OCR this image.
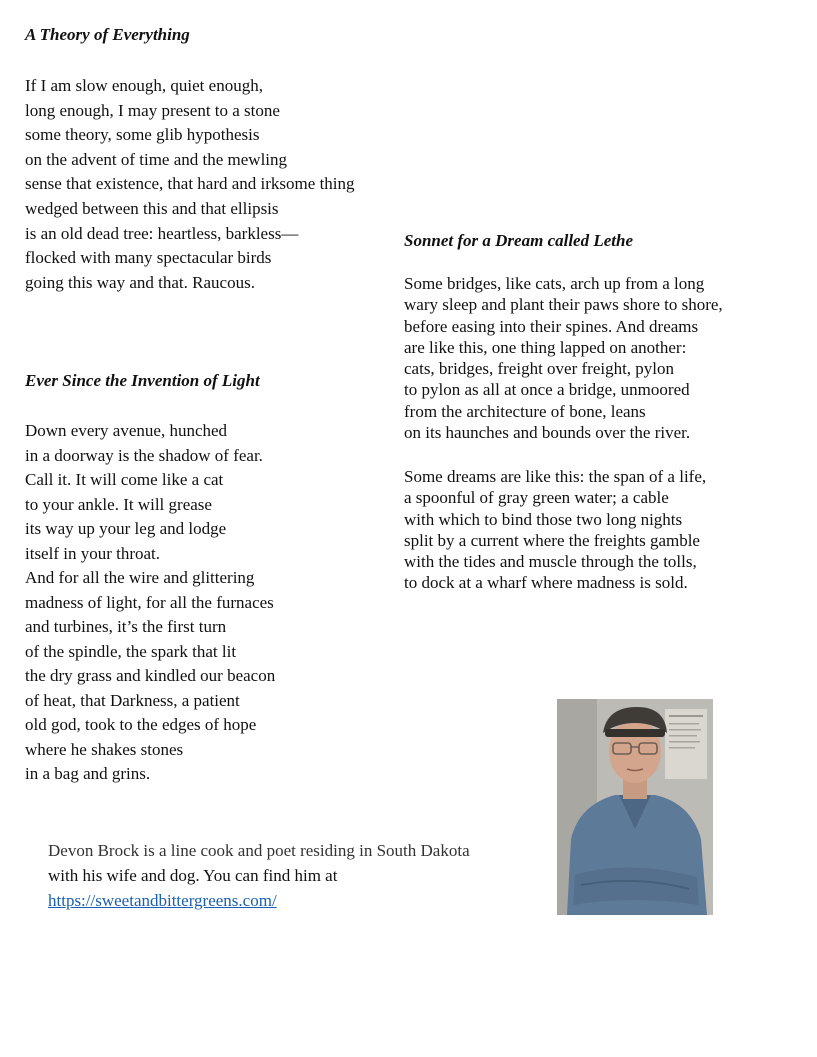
A Theory of Everything
If I am slow enough, quiet enough,
long enough, I may present to a stone
some theory, some glib hypothesis
on the advent of time and the mewling
sense that existence, that hard and irksome thing
wedged between this and that ellipsis
is an old dead tree: heartless, barkless—
flocked with many spectacular birds
going this way and that. Raucous.
Ever Since the Invention of Light
Down every avenue, hunched
in a doorway is the shadow of fear.
Call it. It will come like a cat
to your ankle. It will grease
its way up your leg and lodge
itself in your throat.
And for all the wire and glittering
madness of light, for all the furnaces
and turbines, it’s the first turn
of the spindle, the spark that lit
the dry grass and kindled our beacon
of heat, that Darkness, a patient
old god, took to the edges of hope
where he shakes stones
in a bag and grins.
Sonnet for a Dream called Lethe
Some bridges, like cats, arch up from a long
wary sleep and plant their paws shore to shore,
before easing into their spines. And dreams
are like this, one thing lapped on another:
cats, bridges, freight over freight, pylon
to pylon as all at once a bridge, unmoored
from the architecture of bone, leans
on its haunches and bounds over the river.
Some dreams are like this: the span of a life,
a spoonful of gray green water; a cable
with which to bind those two long nights
split by a current where the freights gamble
with the tides and muscle through the tolls,
to dock at a wharf where madness is sold.
Devon Brock is a line cook and poet residing in South Dakota
with his wife and dog. You can find him at
https://sweetandbittergreens.com/
